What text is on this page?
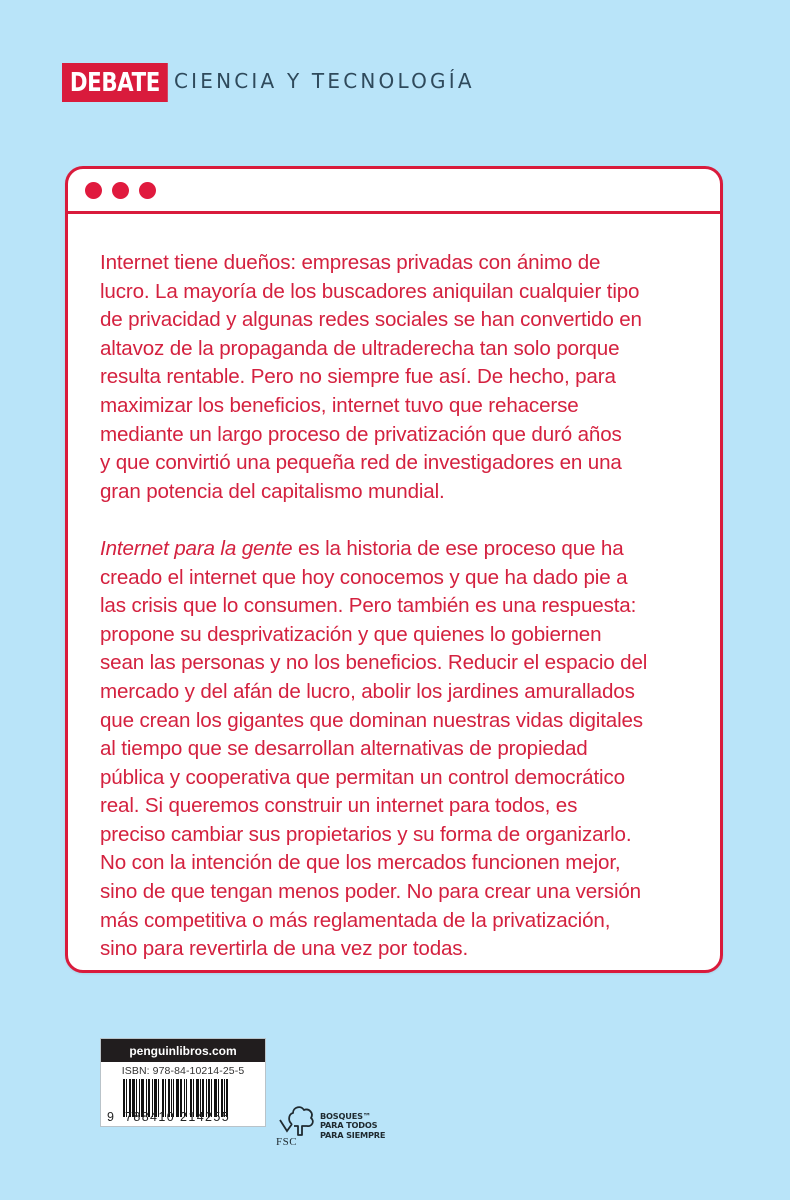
DEBATE CIENCIA Y TECNOLOGÍA

Internet tiene dueños: empresas privadas con ánimo de

lucro. La mayoría de los buscadores aniquilan cualquier tipo

de privacidad y algunas redes sociales se han convertido en

altavoz de la propaganda de ultraderecha tan solo porque

resulta rentable. Pero no siempre fue así. De hecho, para

maximizar los beneficios, internet tuvo que rehacerse

mediante un largo proceso de privatización que duró años

y que convirtió una pequeña red de investigadores en una

gran potencia del capitalismo mundial.

Internet para la gente es la historia de ese proceso que ha

creado el internet que hoy conocemos y que ha dado pie a

las crisis que lo consumen. Pero también es una respuesta:

propone su desprivatización y que quienes lo gobiernen

sean las personas y no los beneficios. Reducir el espacio del

mercado y del afán de lucro, abolir los jardines amurallados

que crean los gigantes que dominan nuestras vidas digitales

al tiempo que se desarrollan alternativas de propiedad

pública y cooperativa que permitan un control democrático

real. Si queremos construir un internet para todos, es

preciso cambiar sus propietarios y su forma de organizarlo.

No con la intención de que los mercados funcionen mejor,

sino de que tengan menos poder. No para crear una versión

más competitiva o más reglamentada de la privatización,

sino para revertirla de una vez por todas.

penguinlibros.com
ISBN: 978-84-10214-25-5
9 788410 214255
FSC
BOSQUES™
PARA TODOS
PARA SIEMPRE
